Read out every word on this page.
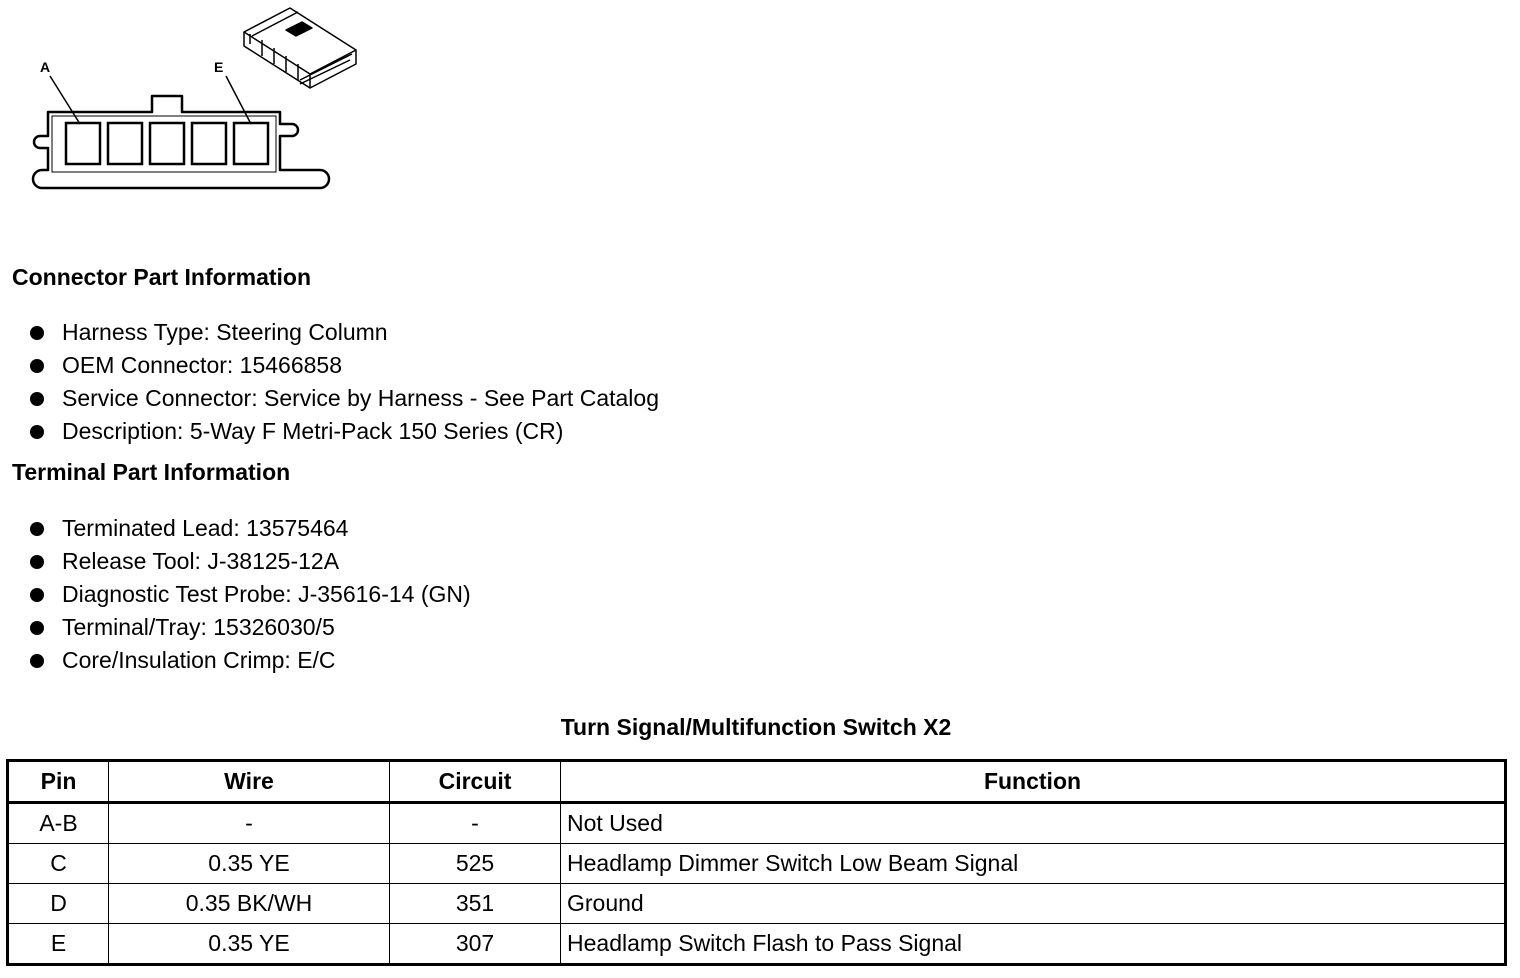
A	E
Connector Part Information
Harness Type: Steering Column
OEM Connector: 15466858
Service Connector: Service by Harness - See Part Catalog
Description: 5-Way F Metri-Pack 150 Series (CR)
Terminal Part Information
Terminated Lead: 13575464
Release Tool: J-38125-12A
Diagnostic Test Probe: J-35616-14 (GN)
Terminal/Tray: 15326030/5
Core/Insulation Crimp: E/C
Turn Signal/Multifunction Switch X2
Pin	Wire	Circuit	Function
A-B	-	-	Not Used
C	0.35 YE	525	Headlamp Dimmer Switch Low Beam Signal
D	0.35 BK/WH	351	Ground
E	0.35 YE	307	Headlamp Switch Flash to Pass Signal
